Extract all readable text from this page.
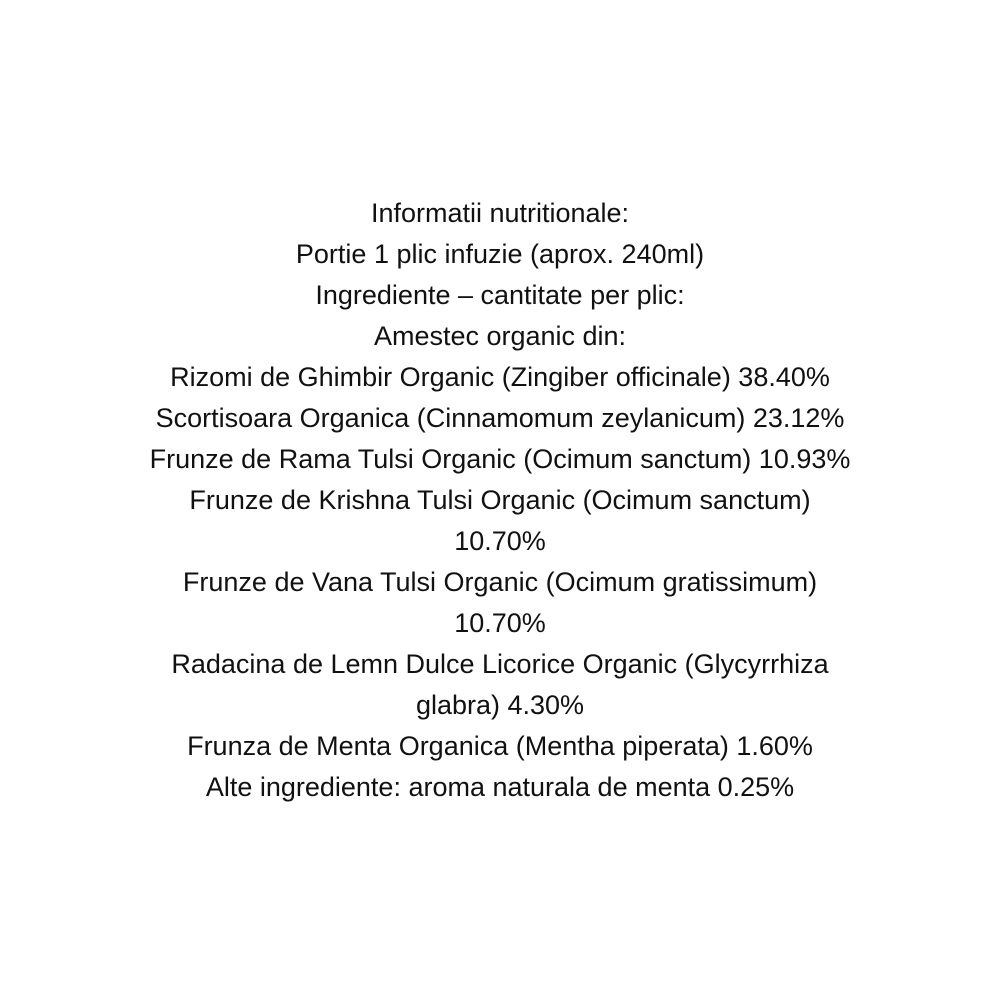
Informatii nutritionale:
Portie 1 plic infuzie (aprox. 240ml)
Ingrediente – cantitate per plic:
Amestec organic din:
Rizomi de Ghimbir Organic (Zingiber officinale) 38.40%
Scortisoara Organica (Cinnamomum zeylanicum) 23.12%
Frunze de Rama Tulsi Organic (Ocimum sanctum) 10.93%
Frunze de Krishna Tulsi Organic (Ocimum sanctum)
10.70%
Frunze de Vana Tulsi Organic (Ocimum gratissimum)
10.70%
Radacina de Lemn Dulce Licorice Organic (Glycyrrhiza
glabra) 4.30%
Frunza de Menta Organica (Mentha piperata) 1.60%
Alte ingrediente: aroma naturala de menta 0.25%
